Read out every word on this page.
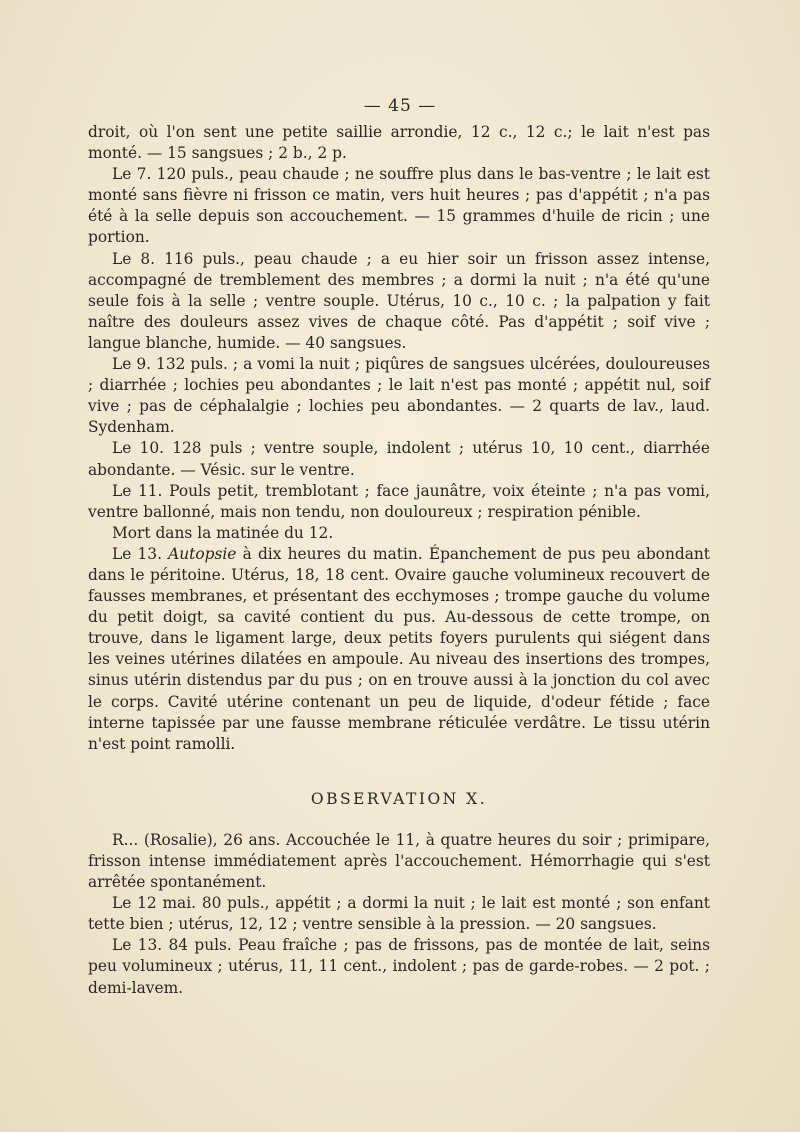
— 45 —

droit, où l'on sent une petite saillie arrondie, 12 c., 12 c.; le lait n'est pas monté. — 15 sangsues ; 2 b., 2 p.

Le 7. 120 puls., peau chaude ; ne souffre plus dans le bas-ventre ; le lait est monté sans fièvre ni frisson ce matin, vers huit heures ; pas d'appétit ; n'a pas été à la selle depuis son accouchement. — 15 grammes d'huile de ricin ; une portion.

Le 8. 116 puls., peau chaude ; a eu hier soir un frisson assez intense, accompagné de tremblement des membres ; a dormi la nuit ; n'a été qu'une seule fois à la selle ; ventre souple. Utérus, 10 c., 10 c. ; la palpation y fait naître des douleurs assez vives de chaque côté. Pas d'appétit ; soif vive ; langue blanche, humide. — 40 sangsues.

Le 9. 132 puls. ; a vomi la nuit ; piqûres de sangsues ulcérées, douloureuses ; diarrhée ; lochies peu abondantes ; le lait n'est pas monté ; appétit nul, soif vive ; pas de céphalalgie ; lochies peu abondantes. — 2 quarts de lav., laud. Sydenham.

Le 10. 128 puls ; ventre souple, indolent ; utérus 10, 10 cent., diarrhée abondante. — Vésic. sur le ventre.

Le 11. Pouls petit, tremblotant ; face jaunâtre, voix éteinte ; n'a pas vomi, ventre ballonné, mais non tendu, non douloureux ; respiration pénible.

Mort dans la matinée du 12.

Le 13. Autopsie à dix heures du matin. Épanchement de pus peu abondant dans le péritoine. Utérus, 18, 18 cent. Ovaire gauche volumineux recouvert de fausses membranes, et présentant des ecchymoses ; trompe gauche du volume du petit doigt, sa cavité contient du pus. Au-dessous de cette trompe, on trouve, dans le ligament large, deux petits foyers purulents qui siégent dans les veines utérines dilatées en ampoule. Au niveau des insertions des trompes, sinus utérin distendus par du pus ; on en trouve aussi à la jonction du col avec le corps. Cavité utérine contenant un peu de liquide, d'odeur fétide ; face interne tapissée par une fausse membrane réticulée verdâtre. Le tissu utérin n'est point ramolli.

OBSERVATION X.

R... (Rosalie), 26 ans. Accouchée le 11, à quatre heures du soir ; primipare, frisson intense immédiatement après l'accouchement. Hémorrhagie qui s'est arrêtée spontanément.

Le 12 mai. 80 puls., appétit ; a dormi la nuit ; le lait est monté ; son enfant tette bien ; utérus, 12, 12 ; ventre sensible à la pression. — 20 sangsues.

Le 13. 84 puls. Peau fraîche ; pas de frissons, pas de montée de lait, seins peu volumineux ; utérus, 11, 11 cent., indolent ; pas de garde-robes. — 2 pot. ; demi-lavem.
